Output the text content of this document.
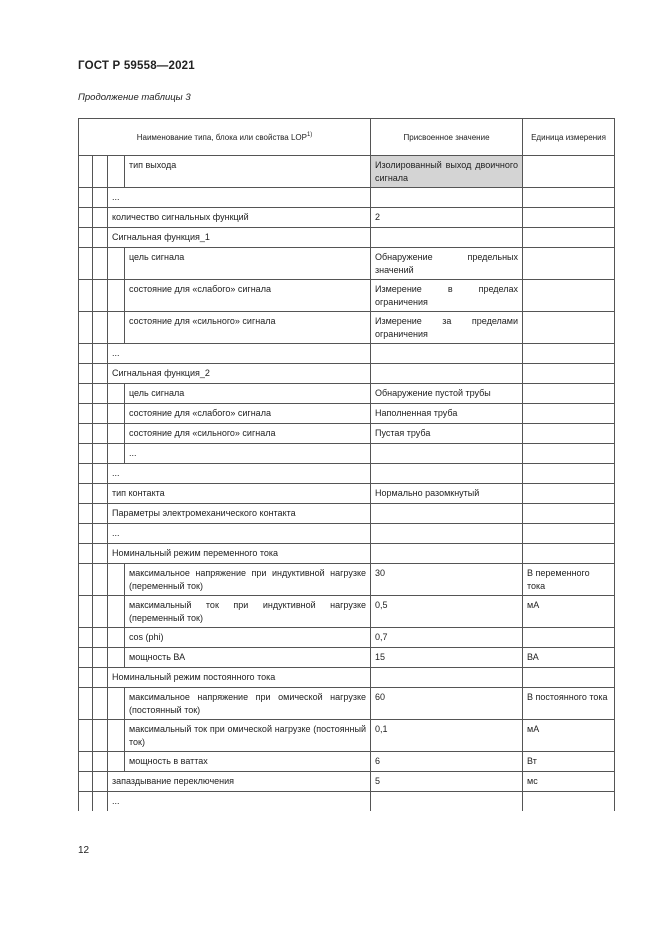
ГОСТ Р 59558—2021
Продолжение таблицы 3
Наименование типа, блока или свойства LOP$^{1)}$				Присвоенное значение	Единица измерения
			тип выхода	Изолированный выход двоичного сигнала	
		...			
		количество сигнальных функций		2	
		Сигнальная функция_1			
			цель сигнала	Обнаружение предельных значений	
			состояние для «слабого» сигнала	Измерение в пределах ограничения	
			состояние для «сильного» сигнала	Измерение за пределами ограничения	
		...			
		Сигнальная функция_2			
			цель сигнала	Обнаружение пустой трубы	
			состояние для «слабого» сигнала	Наполненная труба	
			состояние для «сильного» сигнала	Пустая труба	
			...		
		...			
		тип контакта		Нормально разомкнутый	
		Параметры электромеханического контакта			
		...			
		Номинальный режим переменного тока			
			максимальное напряжение при индуктивной нагрузке (переменный ток)	30	В переменного тока
			максимальный ток при индуктивной нагрузке (переменный ток)	0,5	мА
			cos (phi)	0,7	
			мощность ВА	15	ВА
		Номинальный режим постоянного тока			
			максимальное напряжение при омической нагрузке (постоянный ток)	60	В постоянного тока
			максимальный ток при омической нагрузке (постоянный ток)	0,1	мА
			мощность в ваттах	6	Вт
		запаздывание переключения		5	мс
		...			
12
